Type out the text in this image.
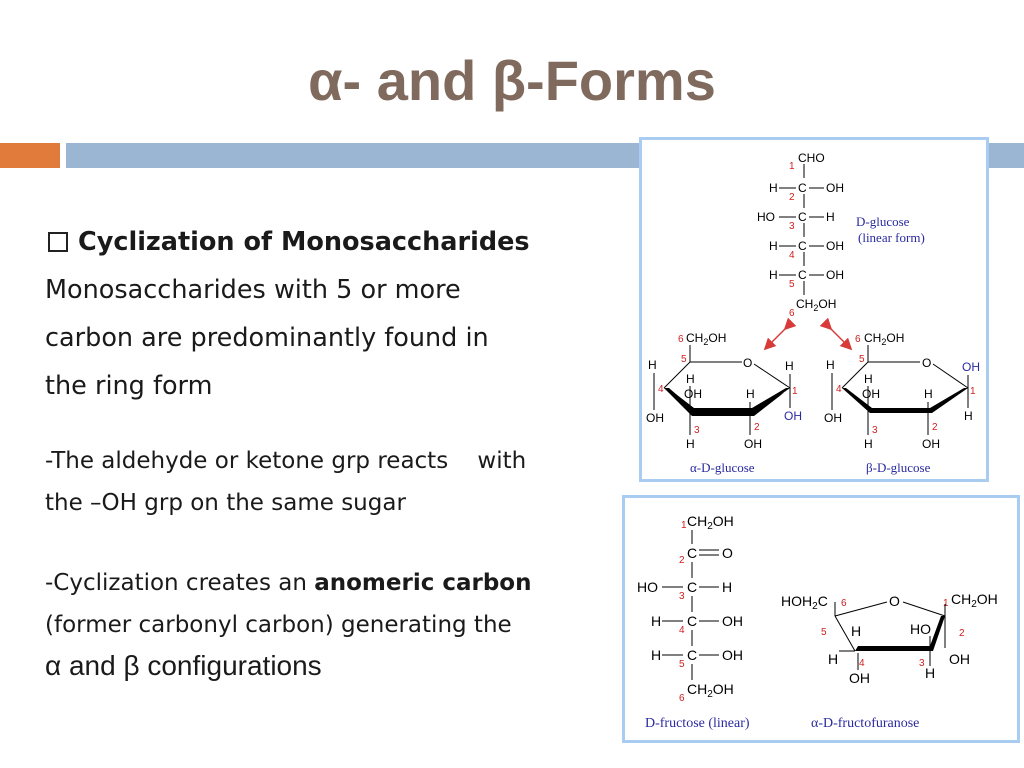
α- and β-Forms
Cyclization of Monosaccharides
Monosaccharides with 5 or more
carbon are predominantly found in
the ring form
-The aldehyde or ketone grp reacts    with
the –OH grp on the same sugar
-Cyclization creates an anomeric carbon
(former carbonyl carbon) generating the
α and β configurations
CHO
1
H C OH
2
HO C H
3
H C OH
4
H C OH
5
$CH_2OH$
6
D-glucose
(linear form)
6 $CH_2OH$
5	O
H
OH
4
H
OH
3
H
H
2
OH
H
1
OH
α-D-glucose
6 $CH_2OH$
5	O
H
OH
4
H
OH
3
H
H
2
OH
OH
1
H
β-D-glucose
1 $CH_2OH$
C O
2
HO C H
3
H C OH
4
H C OH
5
6
$CH_2OH$
D-fructose (linear)
$HOH_2C$ 6	O
5 H
H 4
OH
HO
3
H
1 $CH_2OH$
2
OH
α-D-fructofuranose
